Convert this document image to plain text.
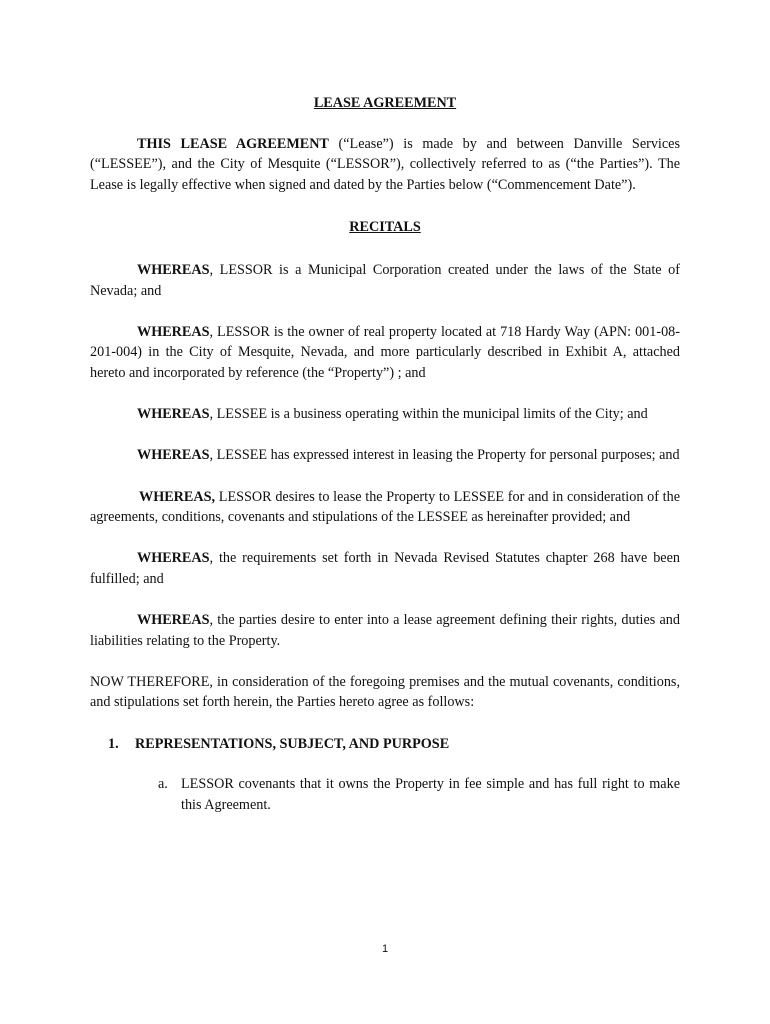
LEASE AGREEMENT

THIS LEASE AGREEMENT (“Lease”) is made by and between Danville Services (“LESSEE”), and the City of Mesquite (“LESSOR”), collectively referred to as (“the Parties”). The Lease is legally effective when signed and dated by the Parties below (“Commencement Date”).

RECITALS

WHEREAS, LESSOR is a Municipal Corporation created under the laws of the State of Nevada; and

WHEREAS, LESSOR is the owner of real property located at 718 Hardy Way (APN: 001-08-201-004) in the City of Mesquite, Nevada, and more particularly described in Exhibit A, attached hereto and incorporated by reference (the “Property”) ; and

WHEREAS, LESSEE is a business operating within the municipal limits of the City; and

WHEREAS, LESSEE has expressed interest in leasing the Property for personal purposes; and

WHEREAS, LESSOR desires to lease the Property to LESSEE for and in consideration of the agreements, conditions, covenants and stipulations of the LESSEE as hereinafter provided; and

WHEREAS, the requirements set forth in Nevada Revised Statutes chapter 268 have been fulfilled; and

WHEREAS, the parties desire to enter into a lease agreement defining their rights, duties and liabilities relating to the Property.

NOW THEREFORE, in consideration of the foregoing premises and the mutual covenants, conditions, and stipulations set forth herein, the Parties hereto agree as follows:

1. REPRESENTATIONS, SUBJECT, AND PURPOSE
a. LESSOR covenants that it owns the Property in fee simple and has full right to make this Agreement.
1
